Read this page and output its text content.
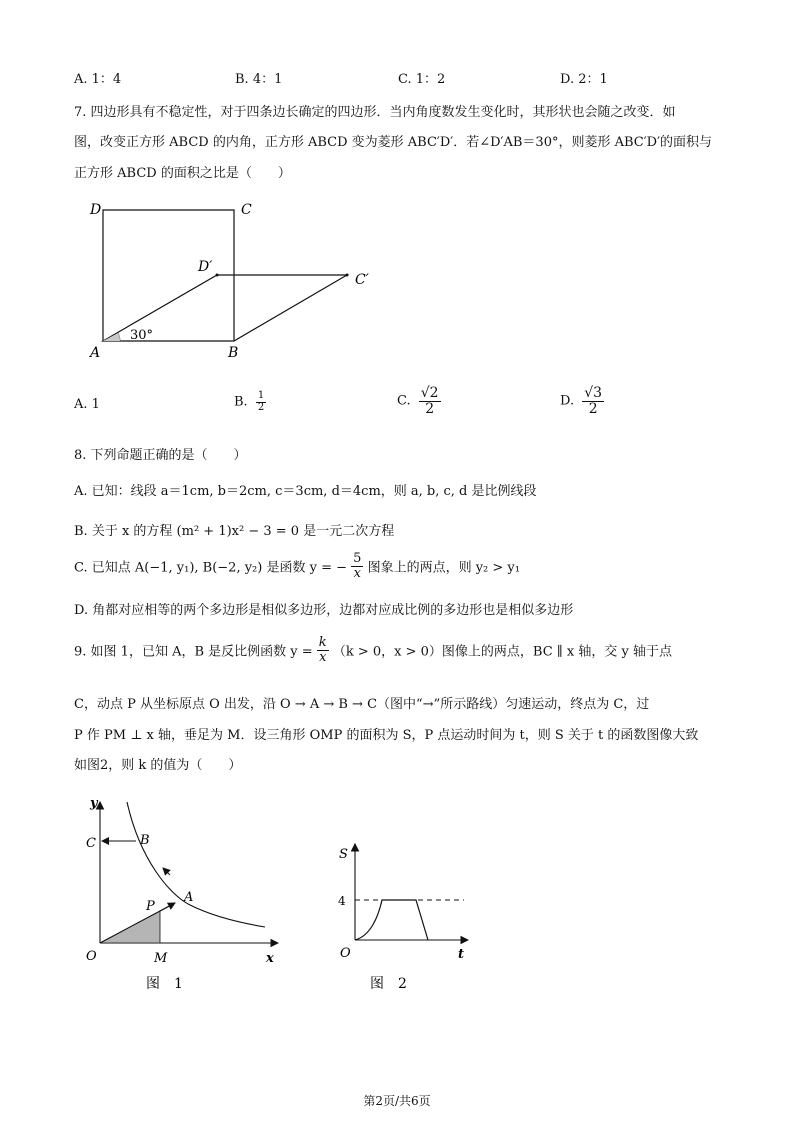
A. 1：4	B. 4：1	C. 1：2	D. 2：1
7. 四边形具有不稳定性，对于四条边长确定的四边形．当内角度数发生变化时，其形状也会随之改变．如
图，改变正方形 ABCD 的内角，正方形 ABCD 变为菱形 ABC′D′．若∠D′AB＝30°，则菱形 ABC′D′的面积与
正方形 ABCD 的面积之比是（　　）
D	C
D′
C′
A	B
30°
A. 1	B. $\frac{1}{2}$	C. $\frac{√2}{2}$	D. $\frac{√3}{2}$
8. 下列命题正确的是（　　）
A. 已知：线段 a＝1cm, b＝2cm, c＝3cm, d＝4cm，则 a, b, c, d 是比例线段
B. 关于 x 的方程 (m² + 1)x² − 3 = 0 是一元二次方程
C. 已知点 A(−1, y₁), B(−2, y₂) 是函数 y = − $\frac{5}{x}$ 图象上的两点，则 y₂ > y₁
D. 角都对应相等的两个多边形是相似多边形，边都对应成比例的多边形也是相似多边形
9. 如图 1，已知 A，B 是反比例函数 $y = \frac{k}{x} (k > 0$，x > 0）图像上的两点，BC ∥ x 轴，交 y 轴于点
C，动点 P 从坐标原点 O 出发，沿 O → A → B → C（图中“→”所示路线）匀速运动，终点为 C，过
P 作 PM ⊥ x 轴，垂足为 M．设三角形 OMP 的面积为 S，P 点运动时间为 t，则 S 关于 t 的函数图像大致
如图2，则 k 的值为（　　）
y
x
C	B
P
A
O	M
图　1
S
4
O	t
图　2
第2页/共6页
